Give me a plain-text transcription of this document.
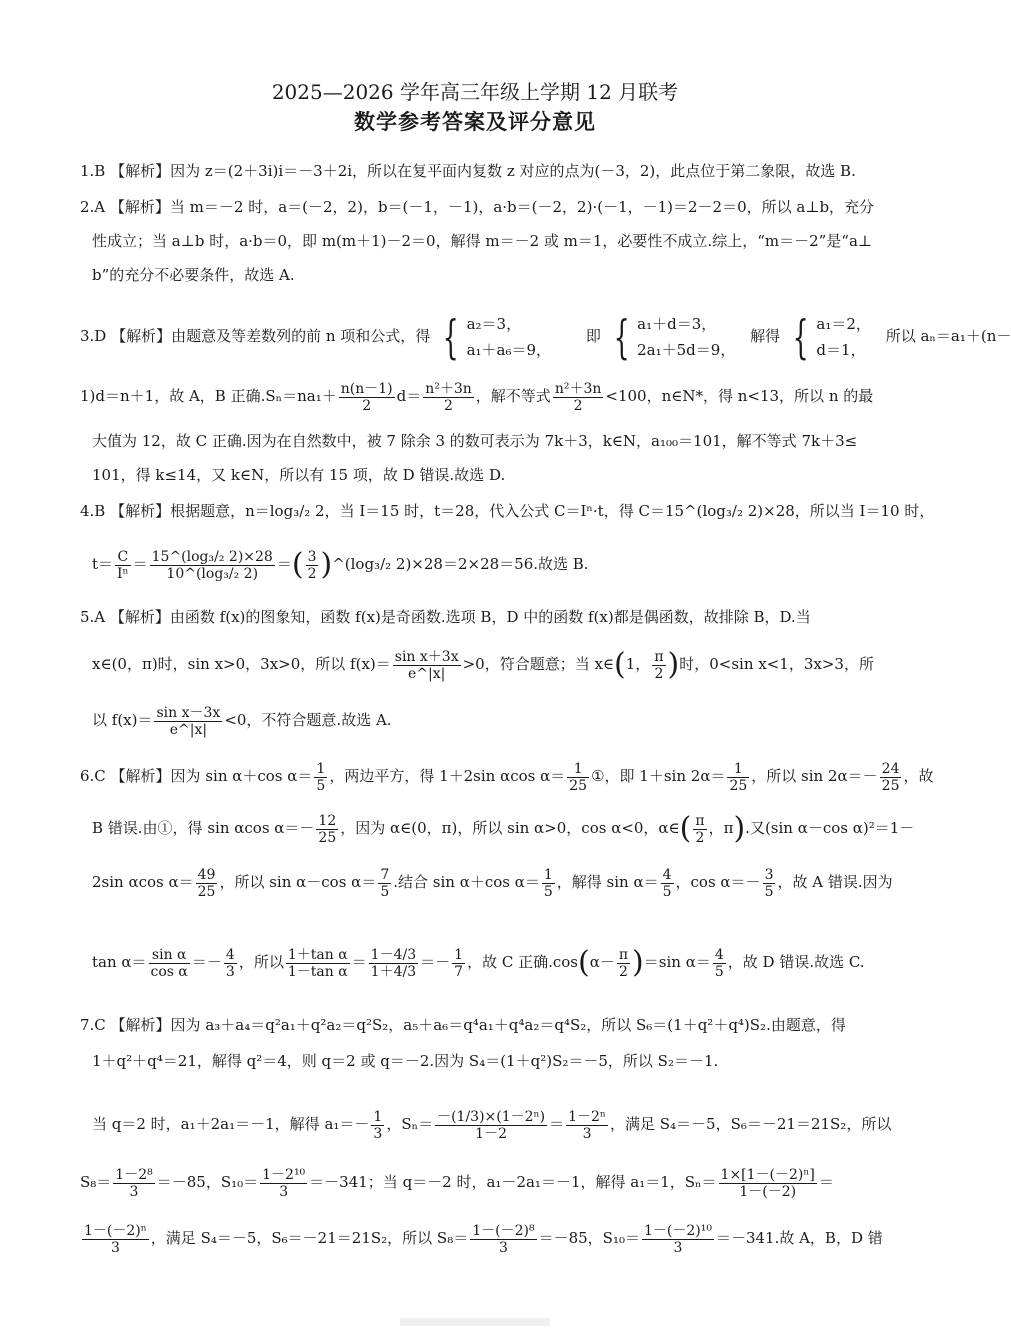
2025—2026 学年高三年级上学期 12 月联考
数学参考答案及评分意见
1.B 【解析】因为 z＝(2＋3i)i＝－3＋2i，所以在复平面内复数 z 对应的点为(－3，2)，此点位于第二象限，故选 B.
2.A 【解析】当 m＝－2 时，a＝(－2，2)，b＝(－1，－1)，a·b＝(－2，2)·(－1，－1)＝2－2＝0，所以 a⊥b，充分
性成立；当 a⊥b 时，a·b＝0，即 m(m＋1)－2＝0，解得 m＝－2 或 m＝1，必要性不成立.综上，“m＝－2”是“a⊥
b”的充分不必要条件，故选 A.
3.D 【解析】由题意及等差数列的前 n 项和公式，得 { a₂＝3，
a₁＋a₆＝9，
即 { a₁＋d＝3，
2a₁＋5d＝9，
解得 { a₁＝2，
d＝1，
所以 aₙ＝a₁＋(n－
1)d＝n＋1，故 A，B 正确$.S_n=na_1+ \frac{n(n-1)}{2} d= \frac{\text{n²＋3n}}{2}$ ，解不等式 $\frac{\text{n²＋3n}}{2} <100$，n∈N*，得 n<13，所以 n 的最
大值为 12，故 C 正确.因为在自然数中，被 7 除余 3 的数可表示为 7k＋3，k∈N，a₁₀₀＝101，解不等式 7k＋3≤
101，得 k≤14，又 k∈N，所以有 15 项，故 D 错误.故选 D.
4.B 【解析】根据题意，n＝log₃/₂ 2，当 I＝15 时，t＝28，代入公式 C＝Iⁿ·t，得 C＝15^(log₃/₂ 2)×28，所以当 I＝10 时，
$t= \frac{C}{\text{Iⁿ}} = \frac{\text{15\textasciicircum{}(log₃/₂ 2)×28}}{\text{10\textasciicircum{}(log₃/₂ 2)}}$ ＝( $\frac{3}{2}$ )^(log₃/₂ 2)×28＝2×28＝56.故选 B.
5.A 【解析】由函数 f(x)的图象知，函数 f(x)是奇函数.选项 B，D 中的函数 f(x)都是偶函数，故排除 B，D.当
x∈(0，π)时，sin x>0，3x>0，所以 $f(x)= \frac{\text{sin x＋3x}}{e\^{}|x|} >0$，符合题意；当 x∈(1， $\frac{\pi}{2}$ )时，0<sin x<1，3x>3，所
以 $f(x)= \frac{\text{sin x－3x}}{e\^{}|x|} <0$，不符合题意.故选 A.
6.C 【解析】因为 sin α＋cos $\alpha= \frac{1}{5}$ ，两边平方，得 1＋2sin αcos $\alpha= \frac{1}{25}$ ①，即 1＋sin $2\alpha= \frac{1}{25}$ ，所以 $\sin 2\alpha=- \frac{24}{25}$ ，故
B 错误.由①，得 sin αcos $\alpha=- \frac{12}{25}$ ，因为 α∈(0，π)，所以 sin α>0，cos α<0，α∈( $\frac{\pi}{2}$ ，π).又(sin α－cos α)²＝1－
2sin αcos $\alpha= \frac{49}{25}$ ，所以 sin α－cos $\alpha= \frac{7}{5}$ .结合 sin α＋cos $\alpha= \frac{1}{5}$ ，解得 $\sin \alpha= \frac{4}{5}$ ，$\cos \alpha=- \frac{3}{5}$ ，故 A 错误.因为
$\tan \alpha= \frac{\text{sin α}}{\text{cos α}} =- \frac{4}{3}$ ，所以 $\frac{\text{1＋tan α}}{\text{1－tan α}} = \frac{1-4/3}{1+4/3} =- \frac{1}{7}$ ，故 C 正确$.\cos(\alpha- \frac{\pi}{2} )=\sin$ $\alpha= \frac{4}{5}$ ，故 D 错误.故选 C.
7.C 【解析】因为 a₃＋a₄＝q²a₁＋q²a₂＝q²S₂，a₅＋a₆＝q⁴a₁＋q⁴a₂＝q⁴S₂，所以 S₆＝(1＋q²＋q⁴)S₂.由题意，得
1＋q²＋q⁴＝21，解得 q²＝4，则 q＝2 或 q＝－2.因为 S₄＝(1＋q²)S₂＝－5，所以 S₂＝－1.
当 q＝2 时，a₁＋2a₁＝－1，解得 $a_1=- \frac{1}{3}$ ，$S_n= \frac{\text{－(1/3)×(1－2ⁿ)}}{1-2} = \frac{\text{1－2ⁿ}}{3}$ ，满足 S₄＝－5，S₆＝－21＝21S₂，所以
$S_8= \frac{\text{1－2⁸}}{3} =-85$，$S_{10}= \frac{\text{1－2¹⁰}}{3} =-341$；当 q＝－2 时，a₁－2a₁＝－1，解得 a₁＝1，$S_n= \frac{\text{1×[1－(－2)ⁿ]}}{1-(-2)}$ ＝
$\frac{\text{1－(－2)ⁿ}}{3}$ ，满足 S₄＝－5，S₆＝－21＝21S₂，所以 $S_8= \frac{\text{1－(－2)⁸}}{3} =-85$，$S_{10}= \frac{\text{1－(－2)¹⁰}}{3} =-341$.故 A，B，D 错
